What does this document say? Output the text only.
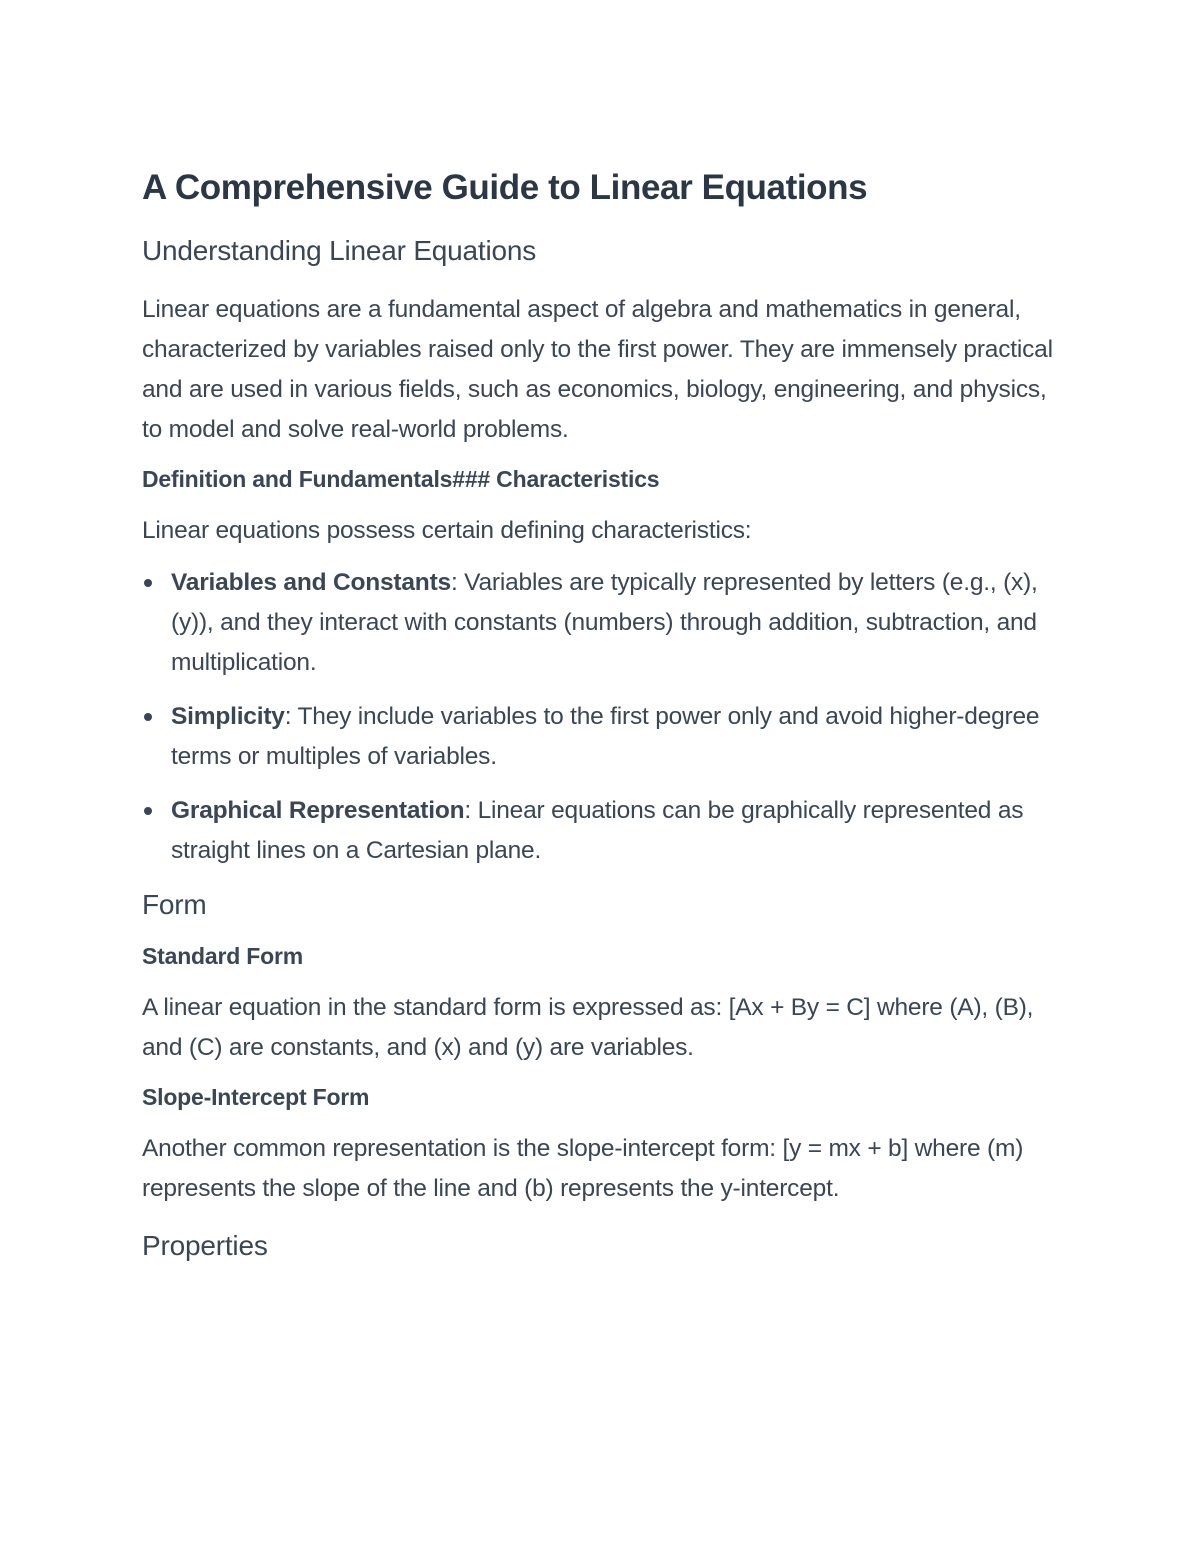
A Comprehensive Guide to Linear Equations
Understanding Linear Equations

Linear equations are a fundamental aspect of algebra and mathematics in general, characterized by variables raised only to the first power. They are immensely practical and are used in various fields, such as economics, biology, engineering, and physics, to model and solve real-world problems.

Definition and Fundamentals### Characteristics

Linear equations possess certain defining characteristics:

Variables and Constants: Variables are typically represented by letters (e.g., (x), (y)), and they interact with constants (numbers) through addition, subtraction, and multiplication.
Simplicity: They include variables to the first power only and avoid higher-degree terms or multiples of variables.
Graphical Representation: Linear equations can be graphically represented as straight lines on a Cartesian plane.
Form
Standard Form

A linear equation in the standard form is expressed as: [Ax + By = C] where (A), (B), and (C) are constants, and (x) and (y) are variables.

Slope-Intercept Form

Another common representation is the slope-intercept form: [y = mx + b] where (m) represents the slope of the line and (b) represents the y-intercept.

Properties
